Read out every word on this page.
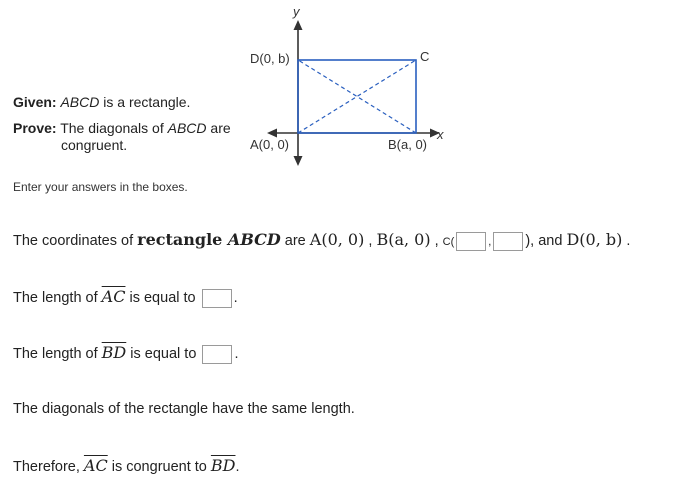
y
x
D(0, b)	C
A(0, 0)	B(a, 0)
Given: ABCD is a rectangle.
Prove: The diagonals of ABCD are
congruent.
Enter your answers in the boxes.
The coordinates of rectangle ABCD are A(0, 0) , B(a, 0) , C(	, ), and D(0, b) .
The length of $\overline{AC}$ is equal to .
The length of $\overline{BD}$ is equal to .
The diagonals of the rectangle have the same length.
Therefore, $\overline{AC}$ is congruent to $\overline{BD}$.
